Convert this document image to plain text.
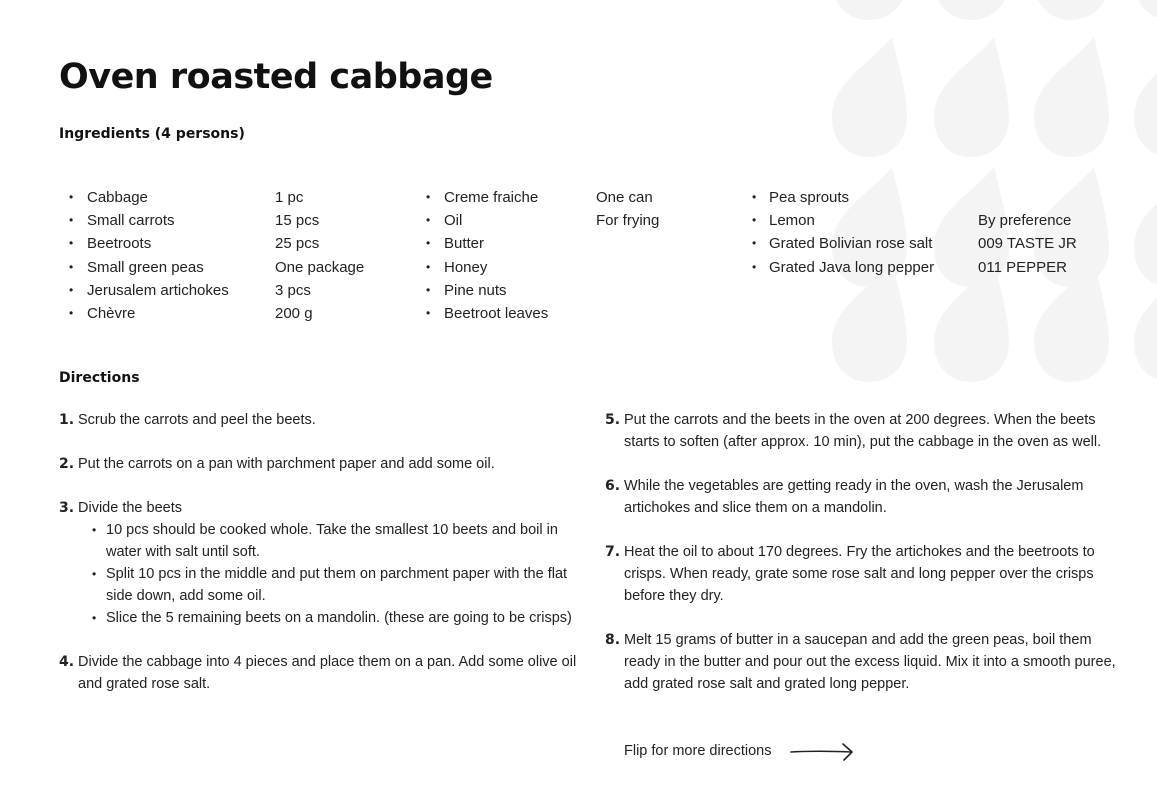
Oven roasted cabbage
Ingredients (4 persons)
• Cabbage	1 pc
• Small carrots	15 pcs
• Beetroots	25 pcs
• Small green peas	One package
• Jerusalem artichokes	3 pcs
• Chèvre	200 g
• Creme fraiche	One can
• Oil	For frying
• Butter
• Honey
• Pine nuts
• Beetroot leaves
• Pea sprouts
• Lemon	By preference
• Grated Bolivian rose salt	009 TASTE JR
• Grated Java long pepper	011 PEPPER
Directions
1. Scrub the carrots and peel the beets.
2. Put the carrots on a pan with parchment paper and add some oil.
3. Divide the beets
• 10 pcs should be cooked whole. Take the smallest 10 beets and boil in water with salt until soft.
• Split 10 pcs in the middle and put them on parchment paper with the flat side down, add some oil.
• Slice the 5 remaining beets on a mandolin. (these are going to be crisps)
4. Divide the cabbage into 4 pieces and place them on a pan. Add some olive oil and grated rose salt.
5. Put the carrots and the beets in the oven at 200 degrees. When the beets starts to soften (after approx. 10 min), put the cabbage in the oven as well.
6. While the vegetables are getting ready in the oven, wash the Jerusalem artichokes and slice them on a mandolin.
7. Heat the oil to about 170 degrees. Fry the artichokes and the beetroots to crisps. When ready, grate some rose salt and long pepper over the crisps before they dry.
8. Melt 15 grams of butter in a saucepan and add the green peas, boil them ready in the butter and pour out the excess liquid. Mix it into a smooth puree, add grated rose salt and grated long pepper.
Flip for more directions
